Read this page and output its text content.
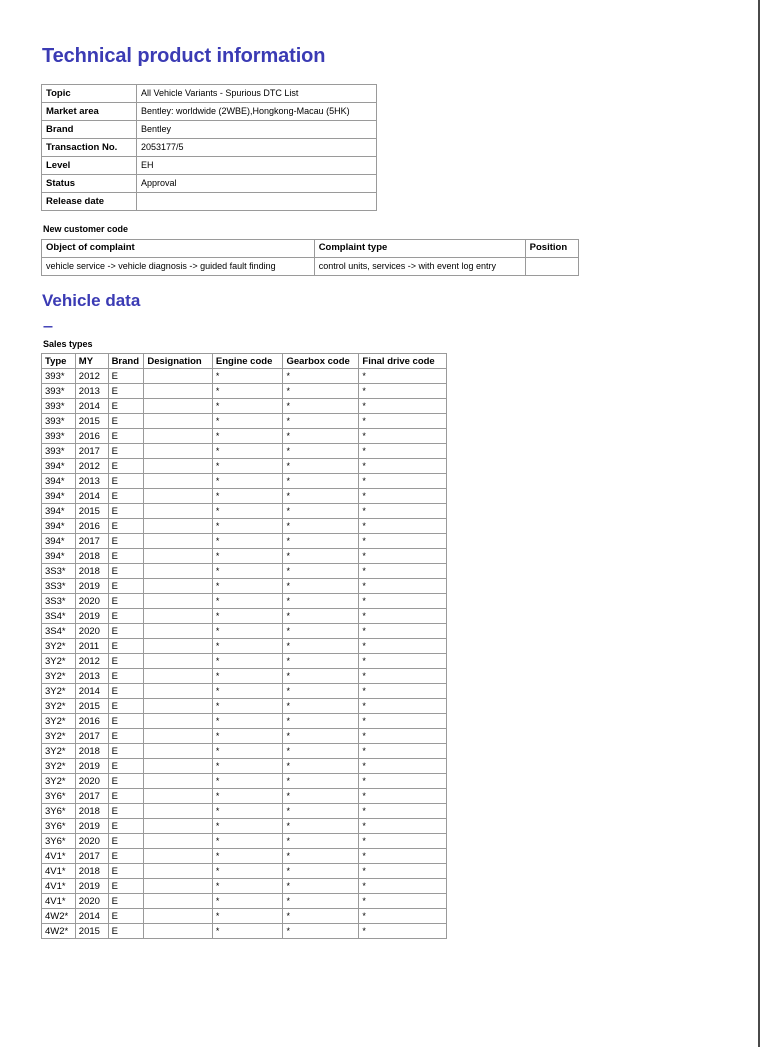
Technical product information
Topic	All Vehicle Variants - Spurious DTC List
Market area	Bentley: worldwide (2WBE),Hongkong-Macau (5HK)
Brand	Bentley
Transaction No.	2053177/5
Level	EH
Status	Approval
Release date	
New customer code
Object of complaint	Complaint type	Position
vehicle service -> vehicle diagnosis -> guided fault finding	control units, services -> with event log entry	
Vehicle data
---
Sales types
Type	MY	Brand	Designation	Engine code	Gearbox code	Final drive code
393*	2012	E		*	*	*
393*	2013	E		*	*	*
393*	2014	E		*	*	*
393*	2015	E		*	*	*
393*	2016	E		*	*	*
393*	2017	E		*	*	*
394*	2012	E		*	*	*
394*	2013	E		*	*	*
394*	2014	E		*	*	*
394*	2015	E		*	*	*
394*	2016	E		*	*	*
394*	2017	E		*	*	*
394*	2018	E		*	*	*
3S3*	2018	E		*	*	*
3S3*	2019	E		*	*	*
3S3*	2020	E		*	*	*
3S4*	2019	E		*	*	*
3S4*	2020	E		*	*	*
3Y2*	2011	E		*	*	*
3Y2*	2012	E		*	*	*
3Y2*	2013	E		*	*	*
3Y2*	2014	E		*	*	*
3Y2*	2015	E		*	*	*
3Y2*	2016	E		*	*	*
3Y2*	2017	E		*	*	*
3Y2*	2018	E		*	*	*
3Y2*	2019	E		*	*	*
3Y2*	2020	E		*	*	*
3Y6*	2017	E		*	*	*
3Y6*	2018	E		*	*	*
3Y6*	2019	E		*	*	*
3Y6*	2020	E		*	*	*
4V1*	2017	E		*	*	*
4V1*	2018	E		*	*	*
4V1*	2019	E		*	*	*
4V1*	2020	E		*	*	*
4W2*	2014	E		*	*	*
4W2*	2015	E		*	*	*
